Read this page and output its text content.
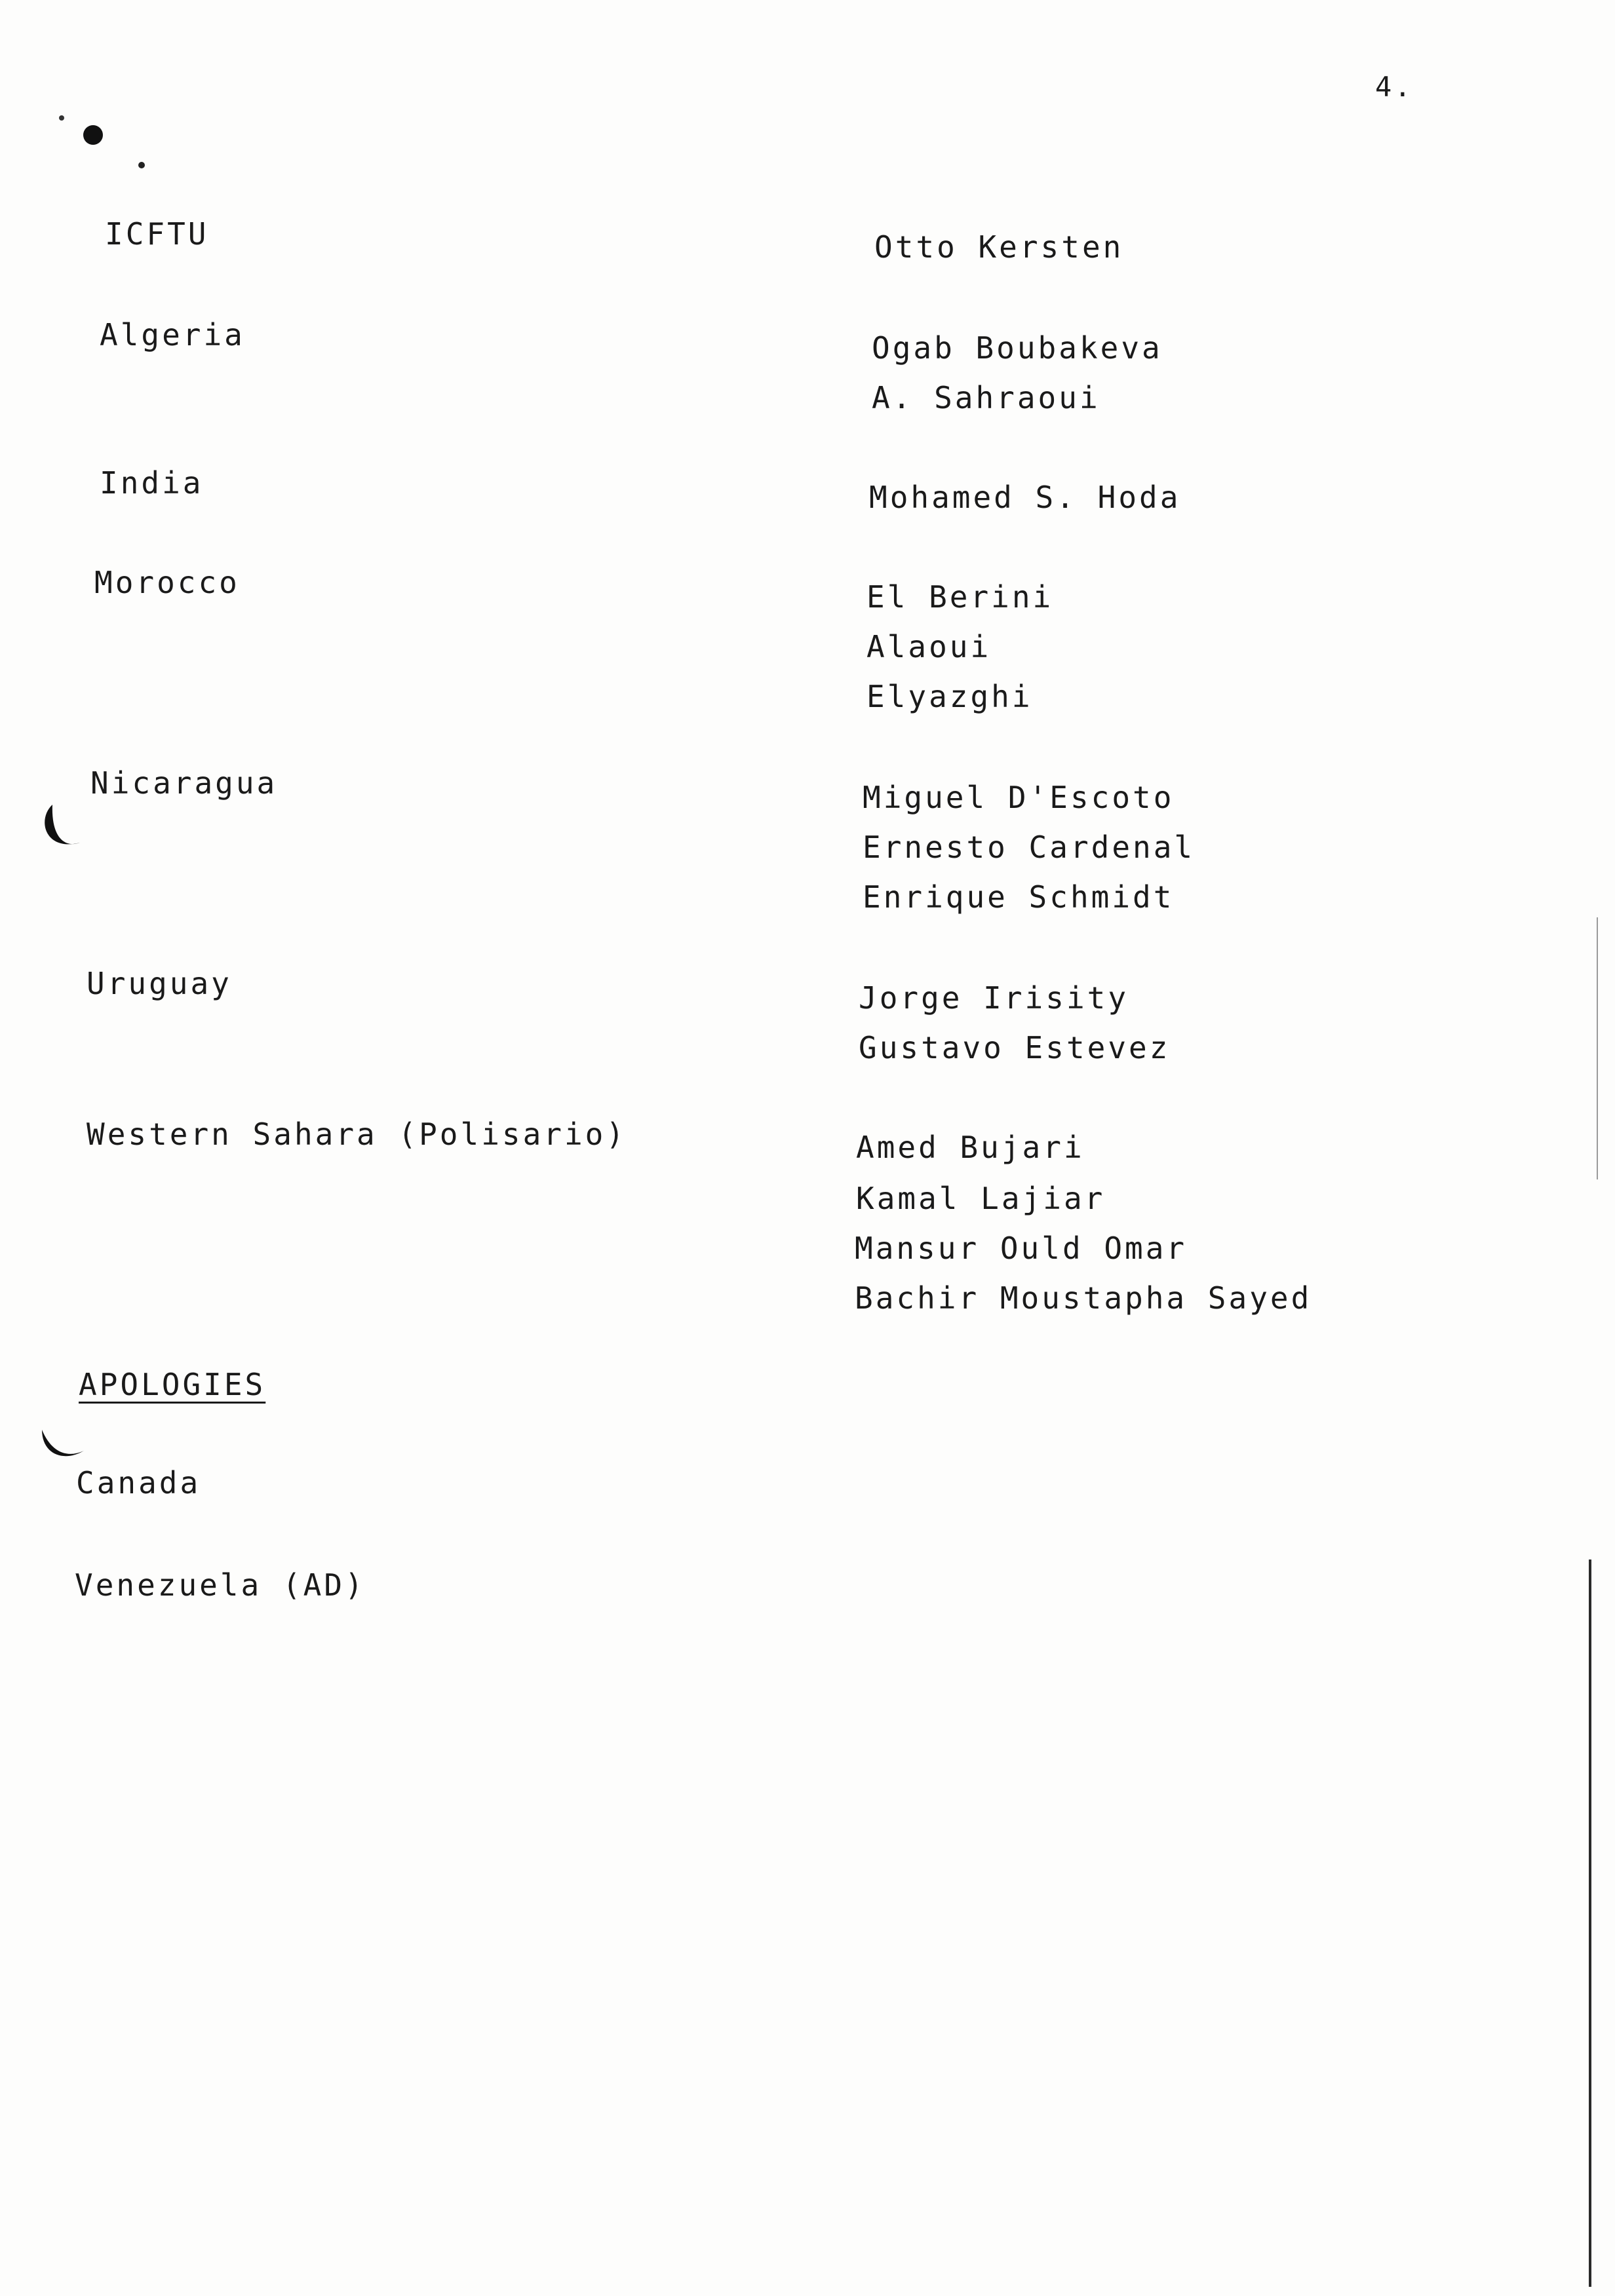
4.
ICFTU	Otto Kersten
Algeria	Ogab Boubakeva
A. Sahraoui
India	Mohamed S. Hoda
Morocco	El Berini
Alaoui
Elyazghi
Nicaragua	Miguel D'Escoto
Ernesto Cardenal
Enrique Schmidt
Uruguay	Jorge Irisity
Gustavo Estevez
Western Sahara (Polisario)	Amed Bujari
Kamal Lajiar
Mansur Ould Omar
Bachir Moustapha Sayed
APOLOGIES
Canada
Venezuela (AD)
